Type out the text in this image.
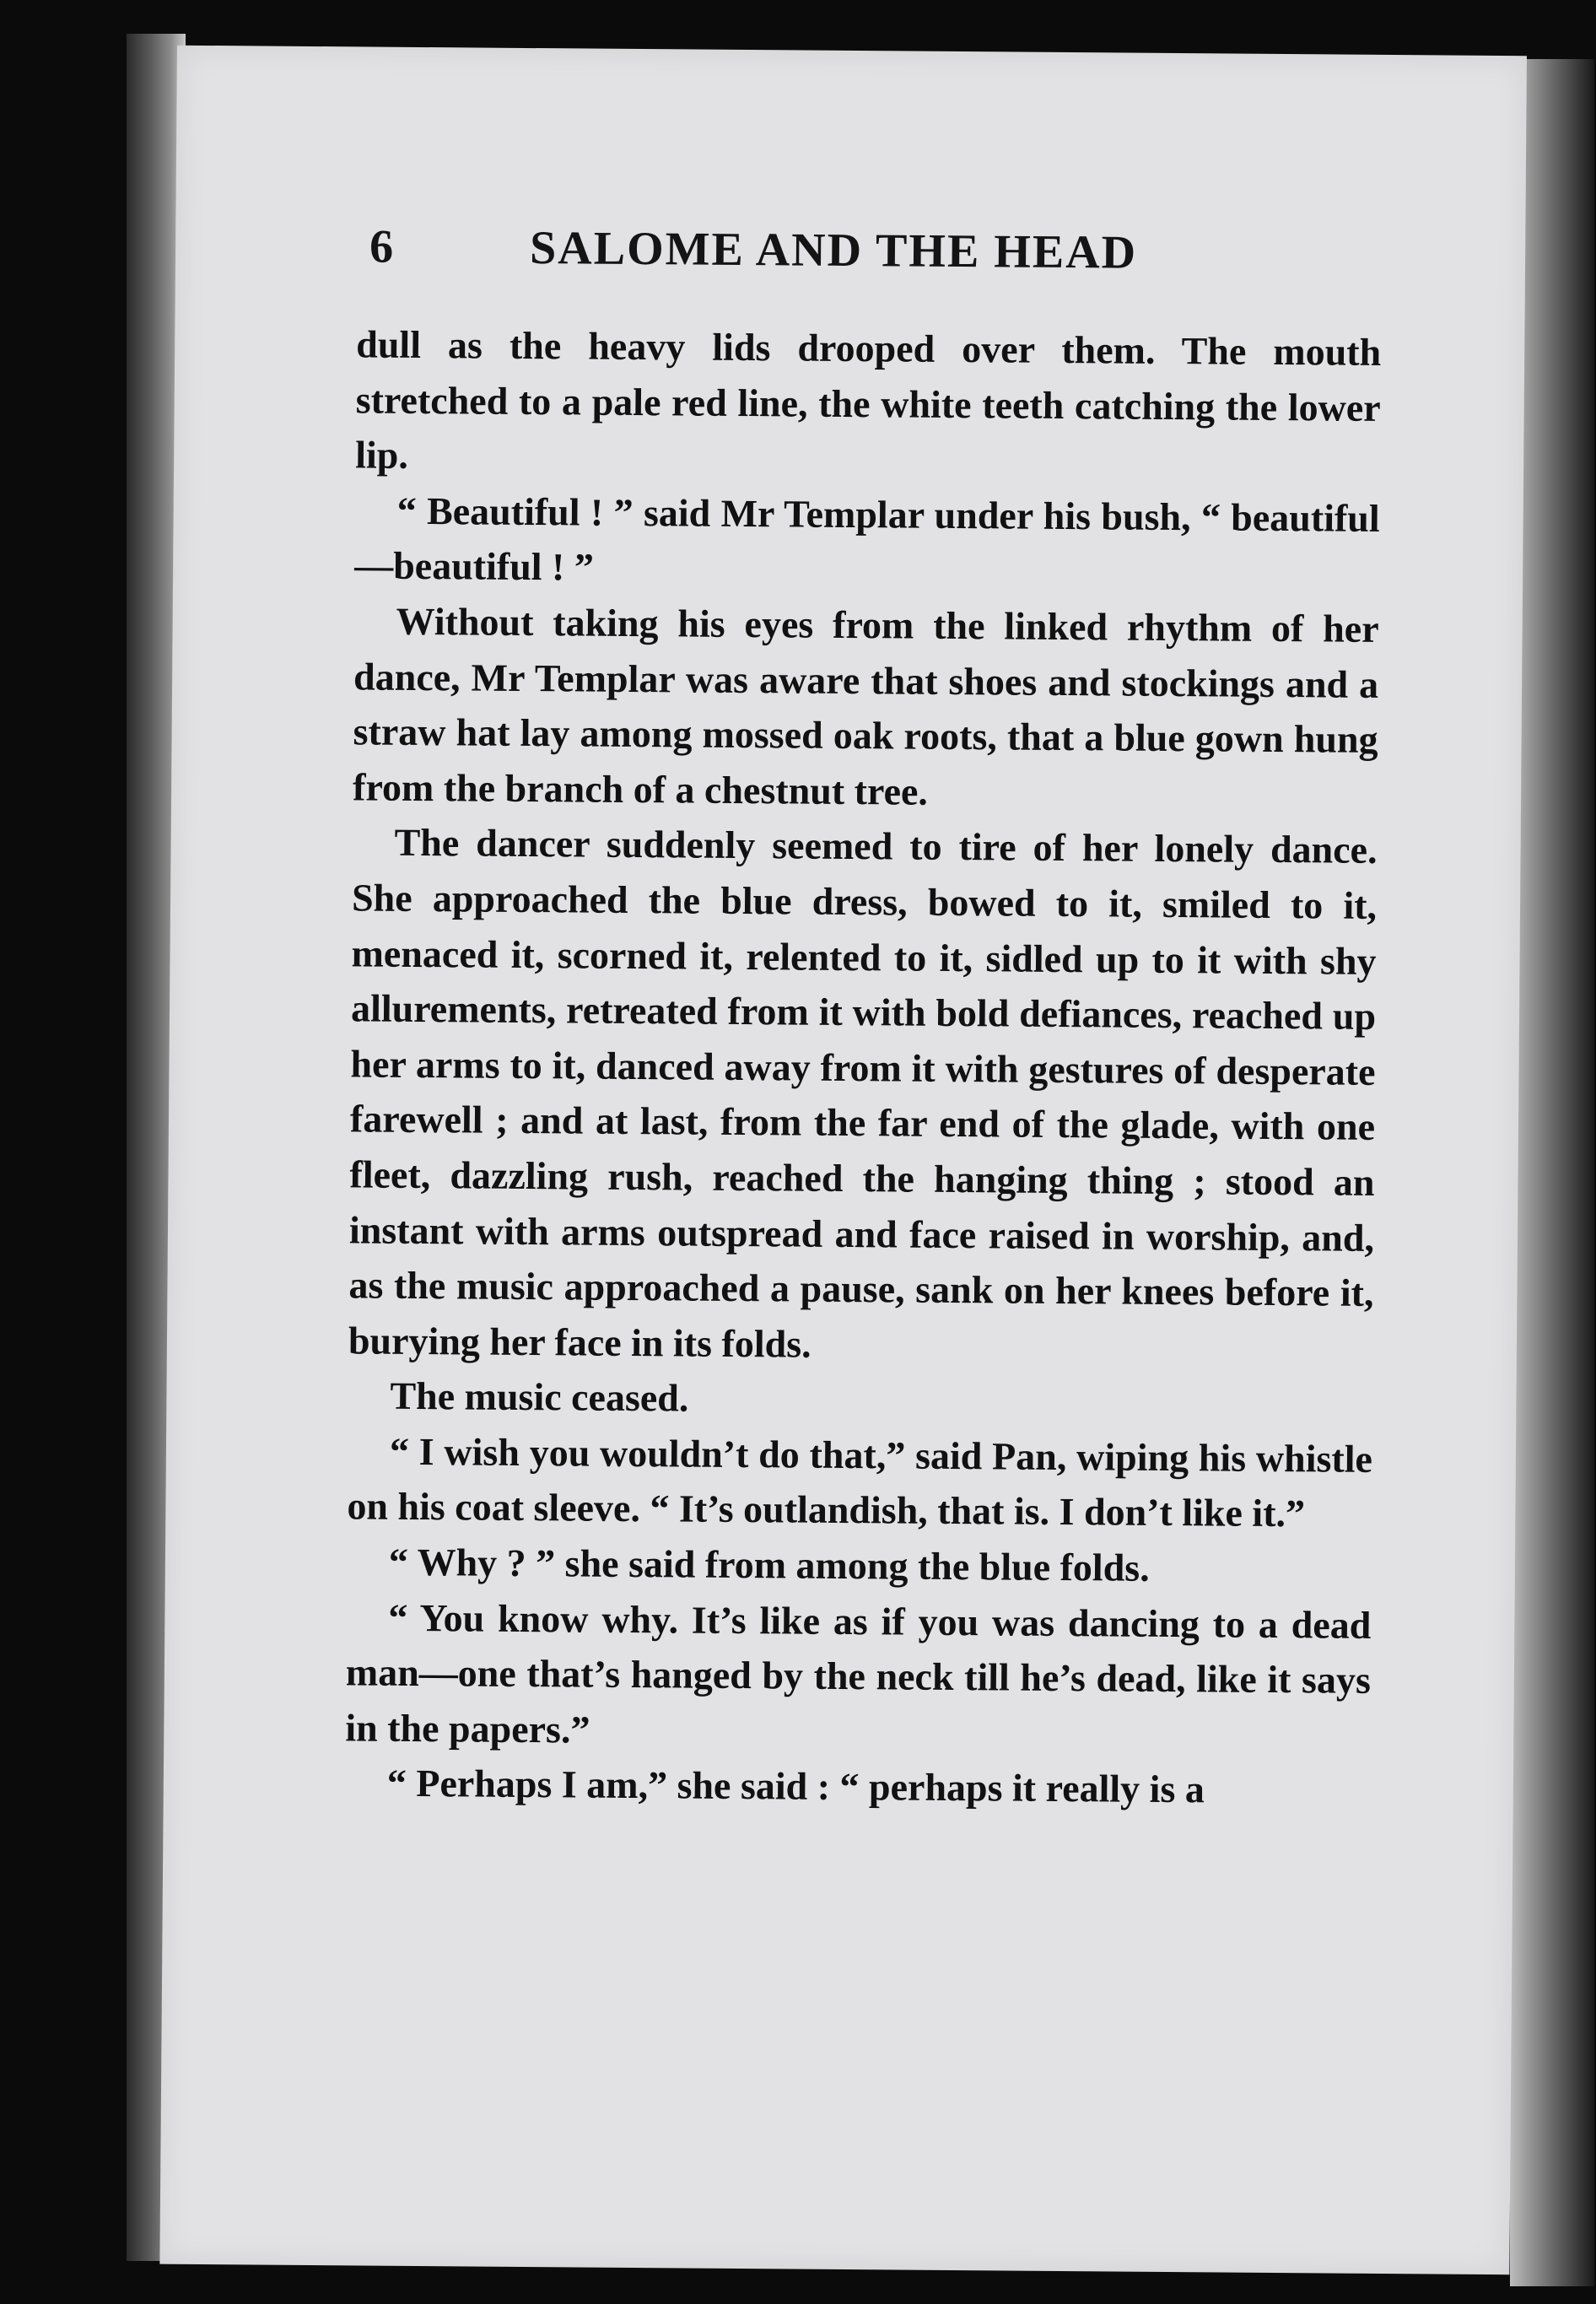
6	SALOME AND THE HEAD

dull as the heavy lids drooped over them. The mouth stretched to a pale red line, the white teeth catching the lower lip.

“ Beautiful ! ” said Mr Templar under his bush, “ beautiful—beautiful ! ”

Without taking his eyes from the linked rhythm of her dance, Mr Templar was aware that shoes and stockings and a straw hat lay among mossed oak roots, that a blue gown hung from the branch of a chestnut tree.

The dancer suddenly seemed to tire of her lonely dance. She approached the blue dress, bowed to it, smiled to it, menaced it, scorned it, relented to it, sidled up to it with shy allurements, retreated from it with bold defiances, reached up her arms to it, danced away from it with gestures of desperate farewell ; and at last, from the far end of the glade, with one fleet, dazzling rush, reached the hanging thing ; stood an instant with arms outspread and face raised in worship, and, as the music approached a pause, sank on her knees before it, burying her face in its folds.

The music ceased.

“ I wish you wouldn’t do that,” said Pan, wiping his whistle on his coat sleeve. “ It’s outlandish, that is. I don’t like it.”

“ Why ? ” she said from among the blue folds.

“ You know why. It’s like as if you was dancing to a dead man—one that’s hanged by the neck till he’s dead, like it says in the papers.”

“ Perhaps I am,” she said : “ perhaps it really is a
